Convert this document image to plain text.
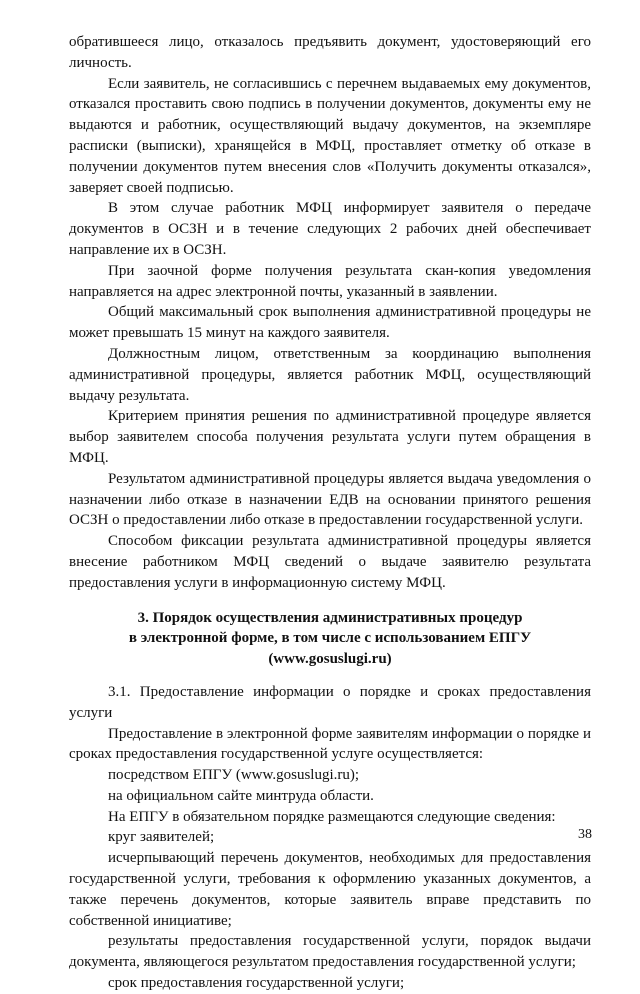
обратившееся лицо, отказалось предъявить документ, удостоверяющий его личность.

Если заявитель, не согласившись с перечнем выдаваемых ему документов, отказался проставить свою подпись в получении документов, документы ему не выдаются и работник, осуществляющий выдачу документов, на экземпляре расписки (выписки), хранящейся в МФЦ, проставляет отметку об отказе в получении документов путем внесения слов «Получить документы отказался», заверяет своей подписью.

В этом случае работник МФЦ информирует заявителя о передаче документов в ОСЗН и в течение следующих 2 рабочих дней обеспечивает направление их в ОСЗН.

При заочной форме получения результата скан-копия уведомления направляется на адрес электронной почты, указанный в заявлении.

Общий максимальный срок выполнения административной процедуры не может превышать 15 минут на каждого заявителя.

Должностным лицом, ответственным за координацию выполнения административной процедуры, является работник МФЦ, осуществляющий выдачу результата.

Критерием принятия решения по административной процедуре является выбор заявителем способа получения результата услуги путем обращения в МФЦ.

Результатом административной процедуры является выдача уведомления о назначении либо отказе в назначении ЕДВ на основании принятого решения ОСЗН о предоставлении либо отказе в предоставлении государственной услуги.

Способом фиксации результата административной процедуры является внесение работником МФЦ сведений о выдаче заявителю результата предоставления услуги в информационную систему МФЦ.

3. Порядок осуществления административных процедур
в электронной форме, в том числе с использованием ЕПГУ
(www.gosuslugi.ru)

3.1. Предоставление информации о порядке и сроках предоставления услуги

Предоставление в электронной форме заявителям информации о порядке и сроках предоставления государственной услуге осуществляется:

посредством ЕПГУ (www.gosuslugi.ru);

на официальном сайте минтруда области.

На ЕПГУ в обязательном порядке размещаются следующие сведения:

круг заявителей;

исчерпывающий перечень документов, необходимых для предоставления государственной услуги, требования к оформлению указанных документов, а также перечень документов, которые заявитель вправе представить по собственной инициативе;

результаты предоставления государственной услуги, порядок выдачи документа, являющегося результатом предоставления государственной услуги;

срок предоставления государственной услуги;

38
